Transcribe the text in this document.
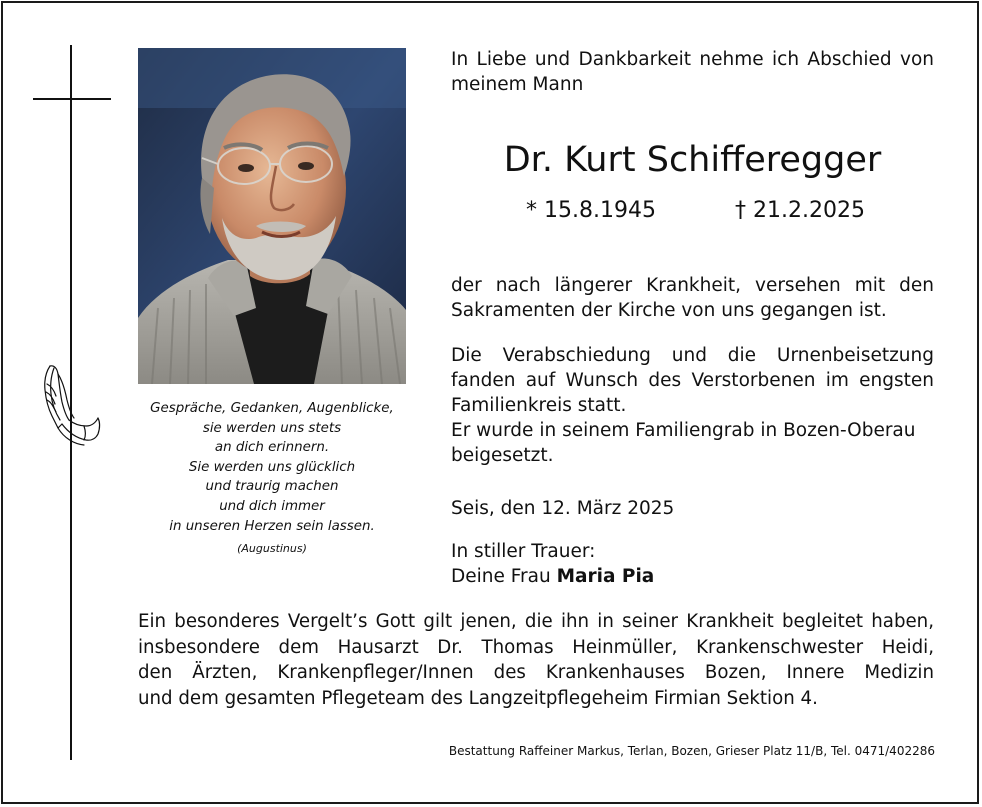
Gespräche, Gedanken, Augenblicke,
sie werden uns stets
an dich erinnern.
Sie werden uns glücklich
und traurig machen
und dich immer
in unseren Herzen sein lassen.
(Augustinus)
In Liebe und Dankbarkeit nehme ich Abschied von
meinem Mann
Dr. Kurt Schifferegger
* 15.8.1945	† 21.2.2025
der nach längerer Krankheit, versehen mit den
Sakramenten der Kirche von uns gegangen ist.
Die Verabschiedung und die Urnenbeisetzung
fanden auf Wunsch des Verstorbenen im engsten
Familienkreis statt.
Er wurde in seinem Familiengrab in Bozen-Oberau
beigesetzt.
Seis, den 12. März 2025
In stiller Trauer:
Deine Frau Maria Pia
Ein besonderes Vergelt’s Gott gilt jenen, die ihn in seiner Krankheit begleitet haben,
insbesondere dem Hausarzt Dr. Thomas Heinmüller, Krankenschwester Heidi,
den Ärzten, Krankenpfleger/Innen des Krankenhauses Bozen, Innere Medizin
und dem gesamten Pflegeteam des Langzeitpflegeheim Firmian Sektion 4.
Bestattung Raffeiner Markus, Terlan, Bozen, Grieser Platz 11/B, Tel. 0471/402286
